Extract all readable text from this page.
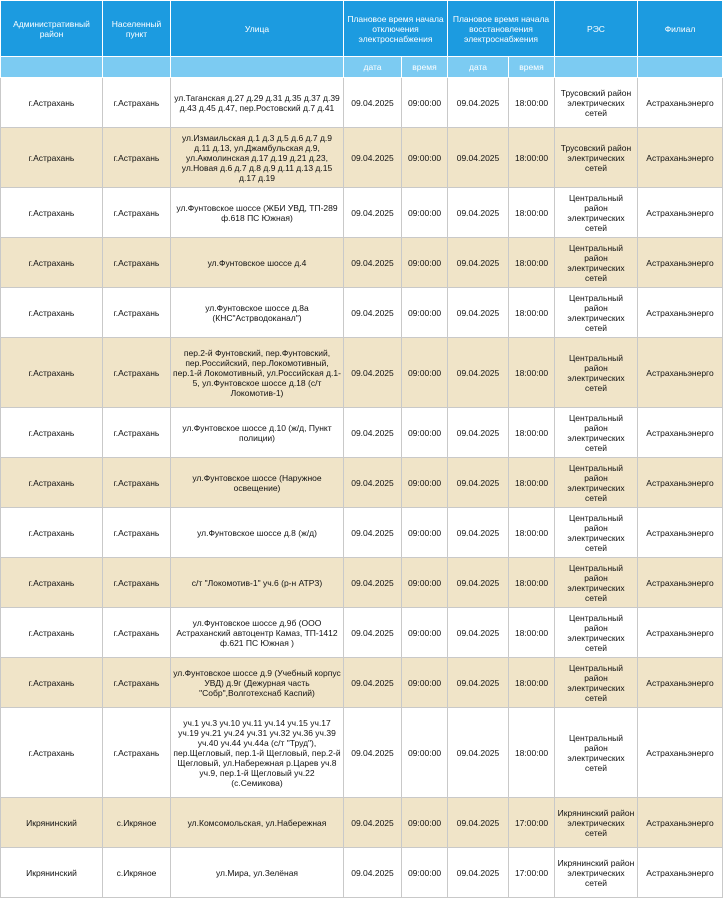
Административный район	Населенный пункт	Улица	Плановое время начала отключения электроснабжения		Плановое время начала восстановления электроснабжения		РЭС	Филиал
			дата	время	дата	время		
г.Астрахань	г.Астрахань	ул.Таганская д.27 д.29 д.31 д.35 д.37 д.39 д.43 д.45 д.47, пер.Ростовский д.7 д.41	09.04.2025	09:00:00	09.04.2025	18:00:00	Трусовский район электрических сетей	Астраханьэнерго
г.Астрахань	г.Астрахань	ул.Измаильская д.1 д.3 д.5 д.6 д.7 д.9 д.11 д.13, ул.Джамбульская д.9, ул.Акмолинская д.17 д.19 д.21 д.23, ул.Новая д.6 д.7 д.8 д.9 д.11 д.13 д.15 д.17 д.19	09.04.2025	09:00:00	09.04.2025	18:00:00	Трусовский район электрических сетей	Астраханьэнерго
г.Астрахань	г.Астрахань	ул.Фунтовское шоссе (ЖБИ УВД, ТП-289 ф.618 ПС Южная)	09.04.2025	09:00:00	09.04.2025	18:00:00	Центральный район электрических сетей	Астраханьэнерго
г.Астрахань	г.Астрахань	ул.Фунтовское шоссе д.4	09.04.2025	09:00:00	09.04.2025	18:00:00	Центральный район электрических сетей	Астраханьэнерго
г.Астрахань	г.Астрахань	ул.Фунтовское шоссе д.8а (КНС"Астрводоканал")	09.04.2025	09:00:00	09.04.2025	18:00:00	Центральный район электрических сетей	Астраханьэнерго
г.Астрахань	г.Астрахань	пер.2-й Фунтовский, пер.Фунтовский, пер.Российский, пер.Локомотивный, пер.1-й Локомотивный, ул.Российская д.1-5, ул.Фунтовское шоссе д.18 (с/т Локомотив-1)	09.04.2025	09:00:00	09.04.2025	18:00:00	Центральный район электрических сетей	Астраханьэнерго
г.Астрахань	г.Астрахань	ул.Фунтовское шоссе д.10 (ж/д, Пункт полиции)	09.04.2025	09:00:00	09.04.2025	18:00:00	Центральный район электрических сетей	Астраханьэнерго
г.Астрахань	г.Астрахань	ул.Фунтовское шоссе (Наружное освещение)	09.04.2025	09:00:00	09.04.2025	18:00:00	Центральный район электрических сетей	Астраханьэнерго
г.Астрахань	г.Астрахань	ул.Фунтовское шоссе д.8 (ж/д)	09.04.2025	09:00:00	09.04.2025	18:00:00	Центральный район электрических сетей	Астраханьэнерго
г.Астрахань	г.Астрахань	с/т "Локомотив-1" уч.6 (р-н АТРЗ)	09.04.2025	09:00:00	09.04.2025	18:00:00	Центральный район электрических сетей	Астраханьэнерго
г.Астрахань	г.Астрахань	ул.Фунтовское шоссе д.9б (ООО Астраханский автоцентр Камаз, ТП-1412 ф.621 ПС Южная )	09.04.2025	09:00:00	09.04.2025	18:00:00	Центральный район электрических сетей	Астраханьэнерго
г.Астрахань	г.Астрахань	ул.Фунтовское шоссе д.9 (Учебный корпус УВД) д.9г (Дежурная часть "Собр",Волготехснаб Каспий)	09.04.2025	09:00:00	09.04.2025	18:00:00	Центральный район электрических сетей	Астраханьэнерго
г.Астрахань	г.Астрахань	уч.1 уч.3 уч.10 уч.11 уч.14 уч.15 уч.17 уч.19 уч.21 уч.24 уч.31 уч.32 уч.36 уч.39 уч.40 уч.44 уч.44а (с/т "Труд"), пер.Щегловый, пер.1-й Щегловый, пер.2-й Щегловый, ул.Набережная р.Царев уч.8 уч.9, пер.1-й Щегловый уч.22 (с.Семикова)	09.04.2025	09:00:00	09.04.2025	18:00:00	Центральный район электрических сетей	Астраханьэнерго
Икрянинский	с.Икряное	ул.Комсомольская, ул.Набережная	09.04.2025	09:00:00	09.04.2025	17:00:00	Икрянинский район электрических сетей	Астраханьэнерго
Икрянинский	с.Икряное	ул.Мира, ул.Зелёная	09.04.2025	09:00:00	09.04.2025	17:00:00	Икрянинский район электрических сетей	Астраханьэнерго
